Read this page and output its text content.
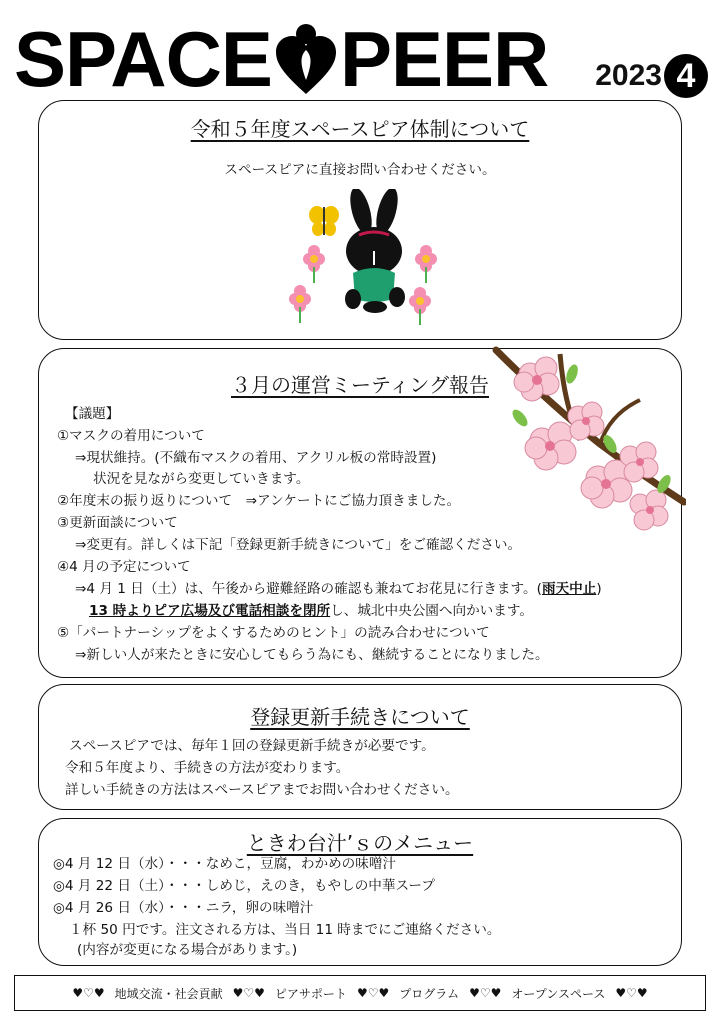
SPACE PEER 2023 4
令和５年度スペースピア体制について
スペースピアに直接お問い合わせください。
３月の運営ミーティング報告
【議題】
①マスクの着用について
⇒現状維持。(不織布マスクの着用、アクリル板の常時設置)
状況を見ながら変更していきます。
②年度末の振り返りについて　⇒アンケートにご協力頂きました。
③更新面談について
⇒変更有。詳しくは下記「登録更新手続きについて」をご確認ください。
④4 月の予定について
⇒4 月 1 日（土）は、午後から避難経路の確認も兼ねてお花見に行きます。(雨天中止)
13 時よりピア広場及び電話相談を閉所し、城北中央公園へ向かいます。
⑤「パートナーシップをよくするためのヒント」の読み合わせについて
⇒新しい人が来たときに安心してもらう為にも、継続することになりました。
登録更新手続きについて
スペースピアでは、毎年１回の登録更新手続きが必要です。
令和５年度より、手続きの方法が変わります。
詳しい手続きの方法はスペースピアまでお問い合わせください。
ときわ台汁’ｓのメニュー
◎4 月 12 日（水）・・・なめこ，豆腐，わかめの味噌汁
◎4 月 22 日（土）・・・しめじ，えのき，もやしの中華スープ
◎4 月 26 日（水）・・・ニラ，卵の味噌汁
１杯 50 円です。注文される方は、当日 11 時までにご連絡ください。
(内容が変更になる場合があります。)
♥♡♥ 地域交流・社会貢献 ♥♡♥ ピアサポート ♥♡♥ プログラム ♥♡♥ オープンスペース ♥♡♥
